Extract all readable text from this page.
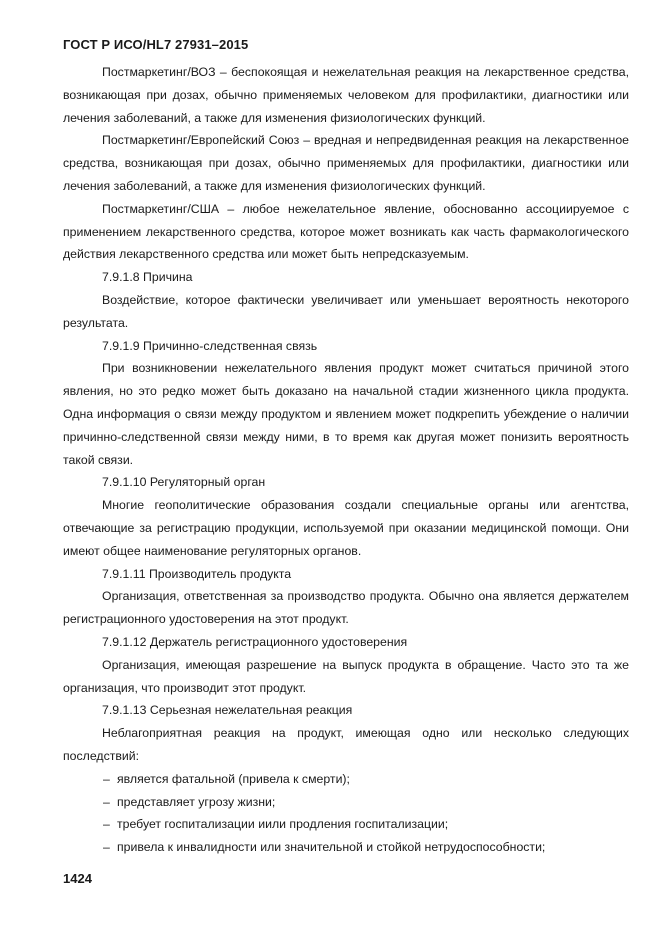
ГОСТ Р ИСО/HL7 27931–2015

Постмаркетинг/ВОЗ – беспокоящая и нежелательная реакция на лекарственное средства, возникающая при дозах, обычно применяемых человеком для профилактики, диагностики или лечения заболеваний, а также для изменения физиологических функций.

Постмаркетинг/Европейский Союз – вредная и непредвиденная реакция на лекарственное средства, возникающая при дозах, обычно применяемых для профилактики, диагностики или лечения заболеваний, а также для изменения физиологических функций.

Постмаркетинг/США – любое нежелательное явление, обоснованно ассоциируемое с применением лекарственного средства, которое может возникать как часть фармакологического действия лекарственного средства или может быть непредсказуемым.

7.9.1.8 Причина

Воздействие, которое фактически увеличивает или уменьшает вероятность некоторого результата.

7.9.1.9 Причинно-следственная связь

При возникновении нежелательного явления продукт может считаться причиной этого явления, но это редко может быть доказано на начальной стадии жизненного цикла продукта. Одна информация о связи между продуктом и явлением может подкрепить убеждение о наличии причинно-следственной связи между ними, в то время как другая может понизить вероятность такой связи.

7.9.1.10 Регуляторный орган

Многие геополитические образования создали специальные органы или агентства, отвечающие за регистрацию продукции, используемой при оказании медицинской помощи. Они имеют общее наименование регуляторных органов.

7.9.1.11 Производитель продукта

Организация, ответственная за производство продукта. Обычно она является держателем регистрационного удостоверения на этот продукт.

7.9.1.12 Держатель регистрационного удостоверения

Организация, имеющая разрешение на выпуск продукта в обращение. Часто это та же организация, что производит этот продукт.

7.9.1.13 Серьезная нежелательная реакция

Неблагоприятная реакция на продукт, имеющая одно или несколько следующих последствий:

– является фатальной (привела к смерти);
– представляет угрозу жизни;
– требует госпитализации иили продления госпитализации;
– привела к инвалидности или значительной и стойкой нетрудоспособности;
1424
